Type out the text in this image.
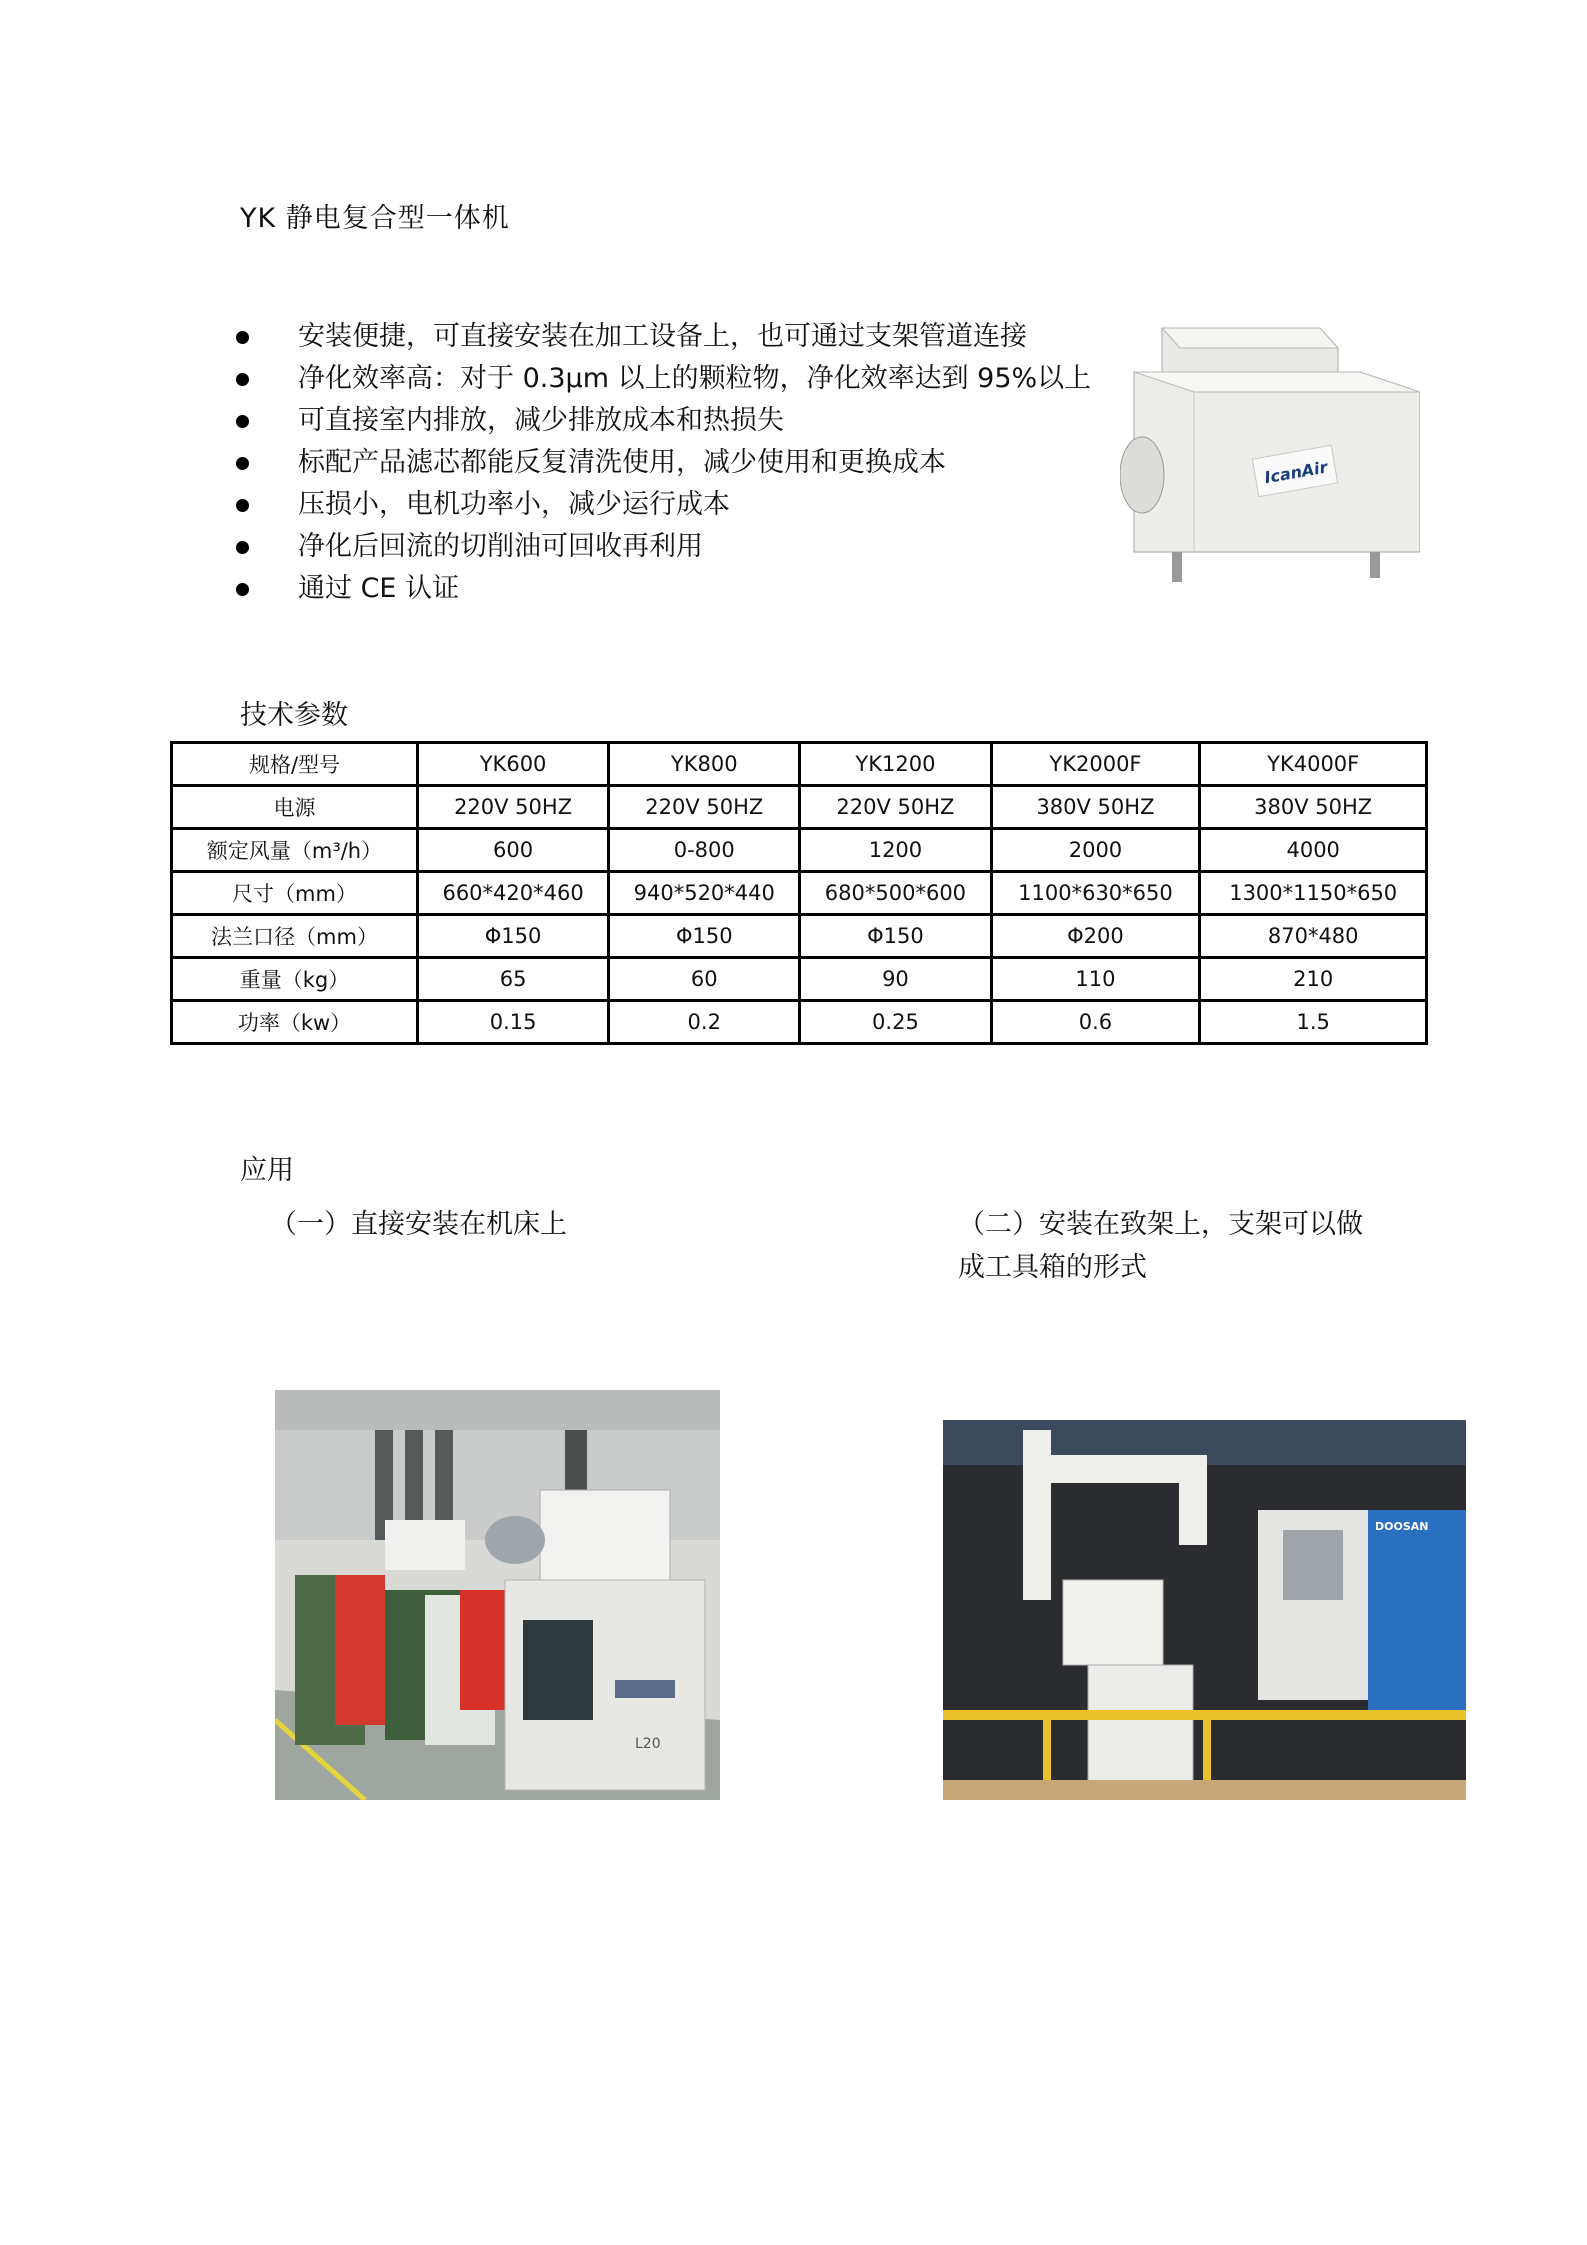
YK 静电复合型一体机
安装便捷，可直接安装在加工设备上，也可通过支架管道连接
净化效率高：对于 0.3μm 以上的颗粒物，净化效率达到 95%以上
可直接室内排放，减少排放成本和热损失
标配产品滤芯都能反复清洗使用，减少使用和更换成本
压损小，电机功率小，减少运行成本
净化后回流的切削油可回收再利用
通过 CE 认证
IcanAir
技术参数
规格/型号	YK600	YK800	YK1200	YK2000F	YK4000F
电源	220V 50HZ	220V 50HZ	220V 50HZ	380V 50HZ	380V 50HZ
额定风量（m³/h）	600	0-800	1200	2000	4000
尺寸（mm）	660*420*460	940*520*440	680*500*600	1100*630*650	1300*1150*650
法兰口径（mm）	Φ150	Φ150	Φ150	Φ200	870*480
重量（kg）	65	60	90	110	210
功率（kw）	0.15	0.2	0.25	0.6	1.5
应用
（一）直接安装在机床上	（二）安装在致架上，支架可以做
成工具箱的形式
L20
DOOSAN
